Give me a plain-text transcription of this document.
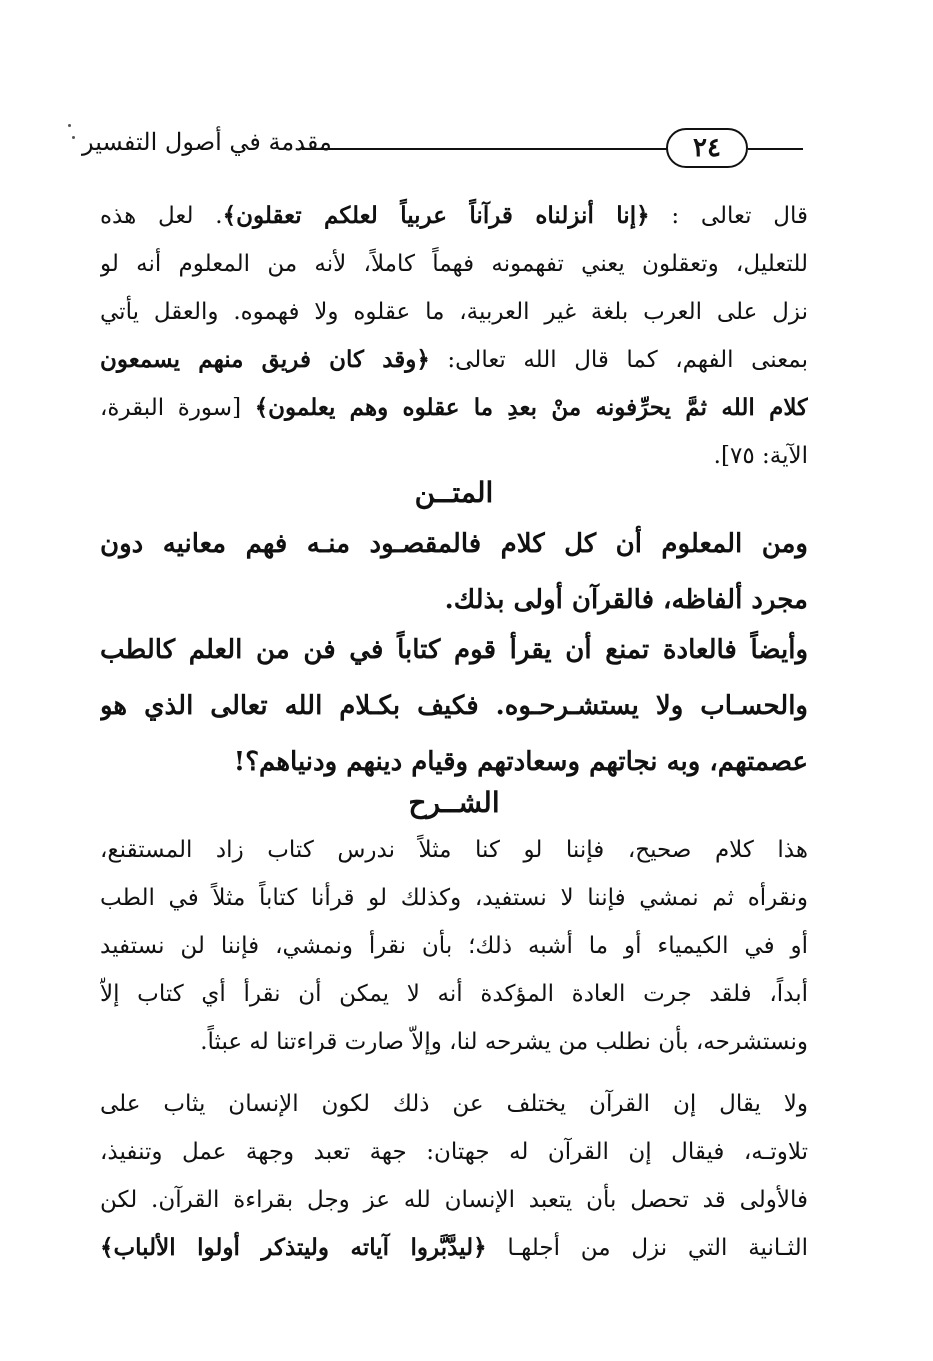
مقدمة في أصول التفسير	٢٤
قال تعالى : ﴿إنا أنزلناه قرآناً عربياً لعلكم تعقلون﴾. لعل هذه
للتعليل، وتعقلون يعني تفهمونه فهماً كاملاً، لأنه من المعلوم أنه لو
نزل على العرب بلغة غير العربية، ما عقلوه ولا فهموه. والعقل يأتي
بمعنى الفهم، كما قال الله تعالى: ﴿وقد كان فريق منهم يسمعون
كلام الله ثمَّ يحرِّفونه منْ بعدِ ما عقلوه وهم يعلمون﴾ [سورة البقرة،
الآية: ٧٥].
المتــن
ومن المعلوم أن كل كلام فالمقصـود منـه فهم معانيه دون
مجرد ألفاظه، فالقرآن أولى بذلك.
وأيضاً فالعادة تمنع أن يقرأ قوم كتاباً في فن من العلم كالطب
والحسـاب ولا يستشـرحـوه. فكيف بكـلام الله تعالى الذي هو
عصمتهم، وبه نجاتهم وسعادتهم وقيام دينهم ودنياهم؟!
الشــرح
هذا كلام صحيح، فإننا لو كنا مثلاً ندرس كتاب زاد المستقنع،
ونقرأه ثم نمشي فإننا لا نستفيد، وكذلك لو قرأنا كتاباً مثلاً في الطب
أو في الكيمياء أو ما أشبه ذلك؛ بأن نقرأ ونمشي، فإننا لن نستفيد
أبداً، فلقد جرت العادة المؤكدة أنه لا يمكن أن نقرأ أي كتاب إلاّ
ونستشرحه، بأن نطلب من يشرحه لنا، وإلاّ صارت قراءتنا له عبثاً.
ولا يقال إن القرآن يختلف عن ذلك لكون الإنسان يثاب على
تلاوتـه، فيقال إن القرآن له جهتان: جهة تعبد وجهة عمل وتنفيذ،
فالأولى قد تحصل بأن يتعبد الإنسان لله عز وجل بقراءة القرآن. لكن
الثـانية التي نزل من أجلهـا ﴿ليدَّبَّروا آياته وليتذكر أولوا الألباب﴾
